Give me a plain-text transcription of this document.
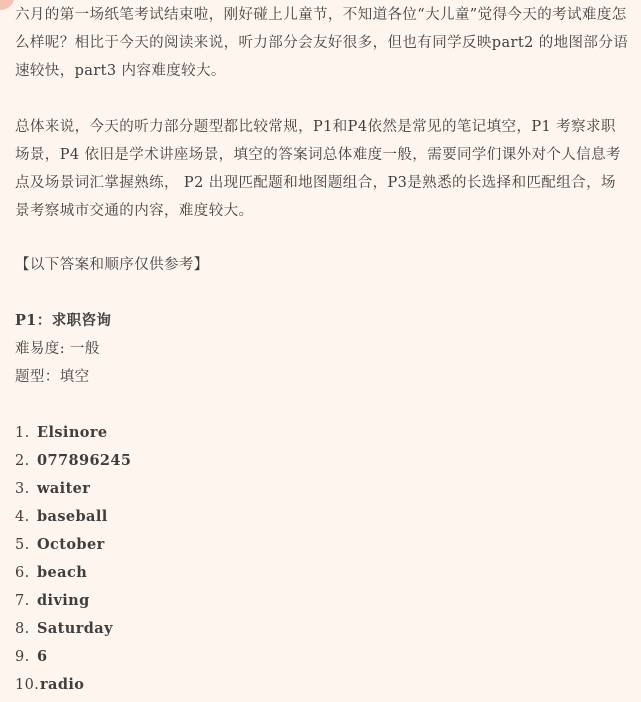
六月的第一场纸笔考试结束啦，刚好碰上儿童节，不知道各位“大儿童”觉得今天的考试难度怎么样呢？相比于今天的阅读来说，听力部分会友好很多，但也有同学反映part2 的地图部分语速较快，part3 内容难度较大。

总体来说，今天的听力部分题型都比较常规，P1和P4依然是常见的笔记填空，P1 考察求职场景，P4 依旧是学术讲座场景，填空的答案词总体难度一般，需要同学们课外对个人信息考点及场景词汇掌握熟练， P2 出现匹配题和地图题组合，P3是熟悉的长选择和匹配组合，场景考察城市交通的内容，难度较大。

【以下答案和顺序仅供参考】
P1：求职咨询
难易度: 一般
题型：填空
1. Elsinore
2. 077896245
3. waiter
4. baseball
5. October
6. beach
7. diving
8. Saturday
9. 6
10.radio
